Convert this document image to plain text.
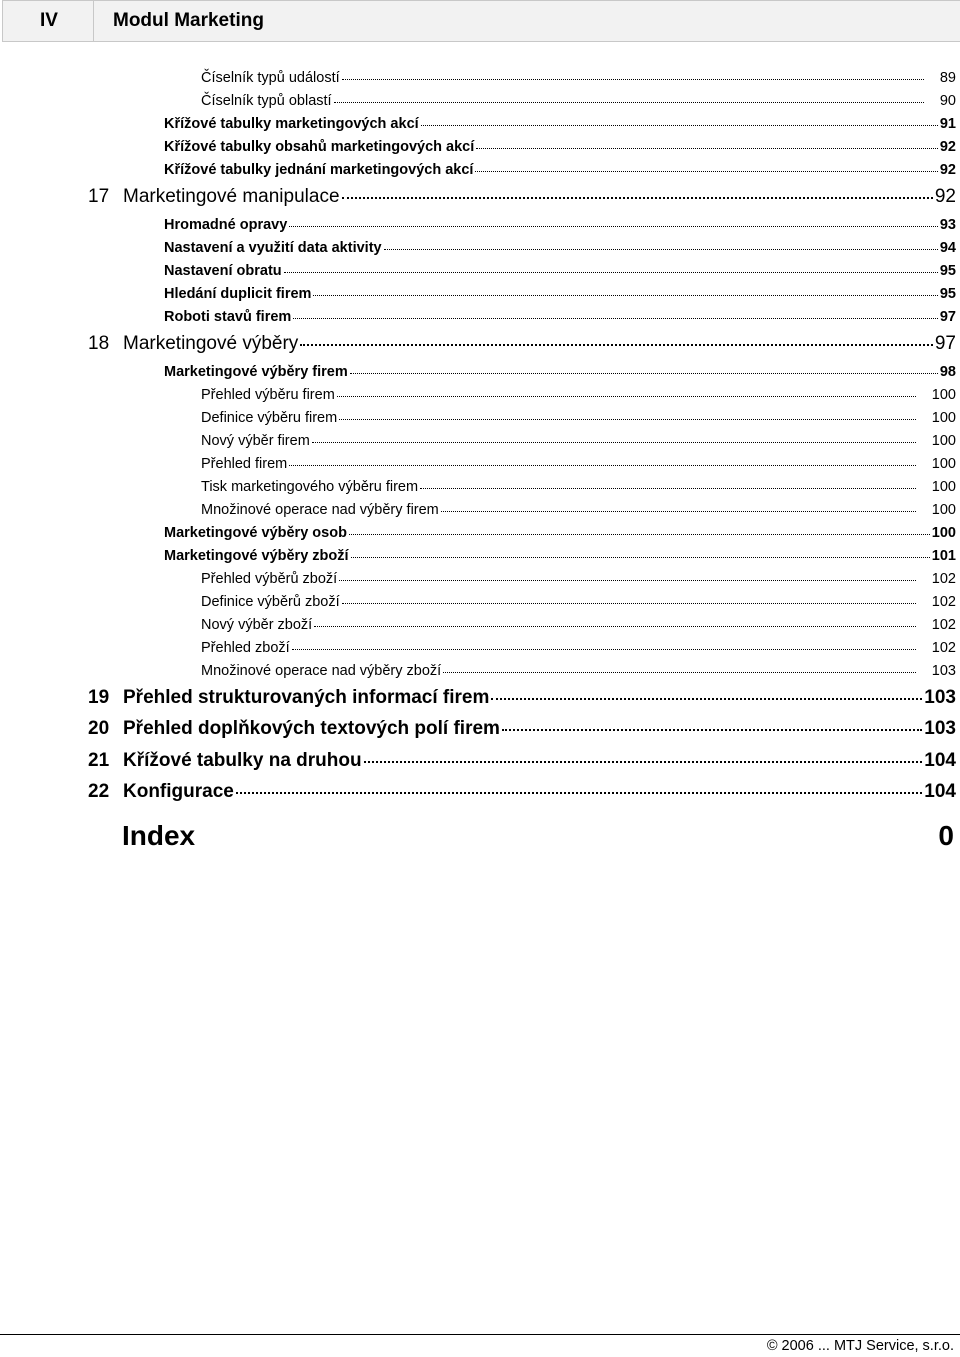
IV	Modul Marketing
Číselník typů událostí	89
Číselník typů oblastí	90
Křížové tabulky marketingových akcí	91
Křížové tabulky obsahů marketingových akcí	92
Křížové tabulky jednání marketingových akcí	92
17 Marketingové manipulace	92
Hromadné opravy	93
Nastavení a využití data aktivity	94
Nastavení obratu	95
Hledání duplicit firem	95
Roboti stavů firem	97
18 Marketingové výběry	97
Marketingové výběry firem	98
Přehled výběru firem	100
Definice výběru firem	100
Nový výběr firem	100
Přehled firem	100
Tisk marketingového výběru firem	100
Množinové operace nad výběry firem	100
Marketingové výběry osob	100
Marketingové výběry zboží	101
Přehled výběrů zboží	102
Definice výběrů zboží	102
Nový výběr zboží	102
Přehled zboží	102
Množinové operace nad výběry zboží	103
19 Přehled strukturovaných informací firem	103
20 Přehled doplňkových textových polí firem	103
21 Křížové tabulky na druhou	104
22 Konfigurace	104
Index	0
© 2006 ... MTJ Service, s.r.o.
